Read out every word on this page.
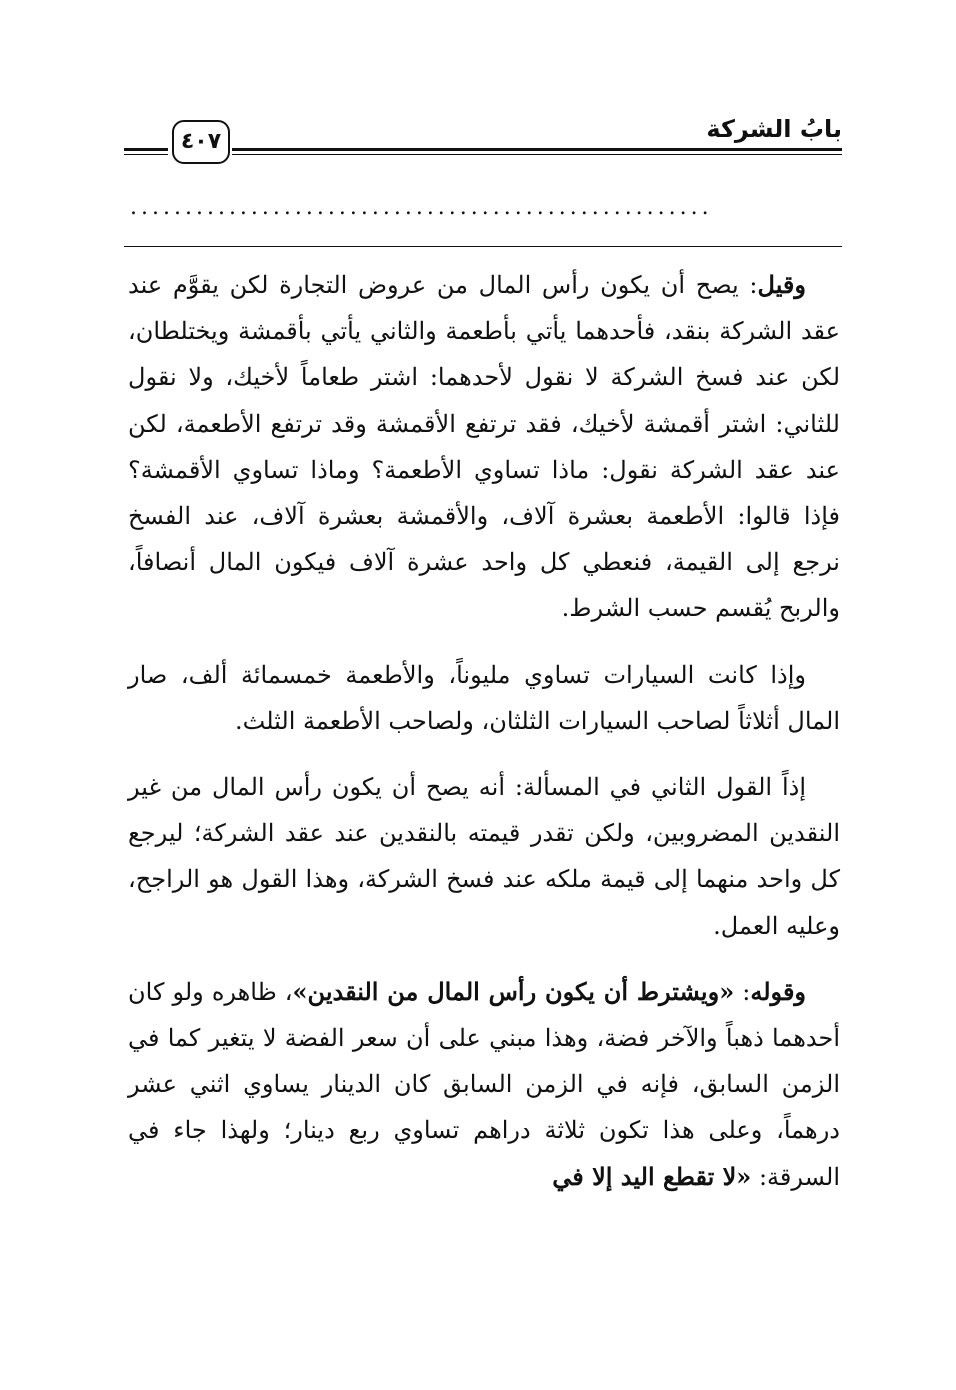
بابُ الشركة
٤٠٧
.....................................................

وقيل: يصح أن يكون رأس المال من عروض التجارة لكن يقوَّم عند عقد الشركة بنقد، فأحدهما يأتي بأطعمة والثاني يأتي بأقمشة ويختلطان، لكن عند فسخ الشركة لا نقول لأحدهما: اشتر طعاماً لأخيك، ولا نقول للثاني: اشتر أقمشة لأخيك، فقد ترتفع الأقمشة وقد ترتفع الأطعمة، لكن عند عقد الشركة نقول: ماذا تساوي الأطعمة؟ وماذا تساوي الأقمشة؟ فإذا قالوا: الأطعمة بعشرة آلاف، والأقمشة بعشرة آلاف، عند الفسخ نرجع إلى القيمة، فنعطي كل واحد عشرة آلاف فيكون المال أنصافاً، والربح يُقسم حسب الشرط.

وإذا كانت السيارات تساوي مليوناً، والأطعمة خمسمائة ألف، صار المال أثلاثاً لصاحب السيارات الثلثان، ولصاحب الأطعمة الثلث.

إذاً القول الثاني في المسألة: أنه يصح أن يكون رأس المال من غير النقدين المضروبين، ولكن تقدر قيمته بالنقدين عند عقد الشركة؛ ليرجع كل واحد منهما إلى قيمة ملكه عند فسخ الشركة، وهذا القول هو الراجح، وعليه العمل.

وقوله: «ويشترط أن يكون رأس المال من النقدين»، ظاهره ولو كان أحدهما ذهباً والآخر فضة، وهذا مبني على أن سعر الفضة لا يتغير كما في الزمن السابق، فإنه في الزمن السابق كان الدينار يساوي اثني عشر درهماً، وعلى هذا تكون ثلاثة دراهم تساوي ربع دينار؛ ولهذا جاء في السرقة: «لا تقطع اليد إلا في
